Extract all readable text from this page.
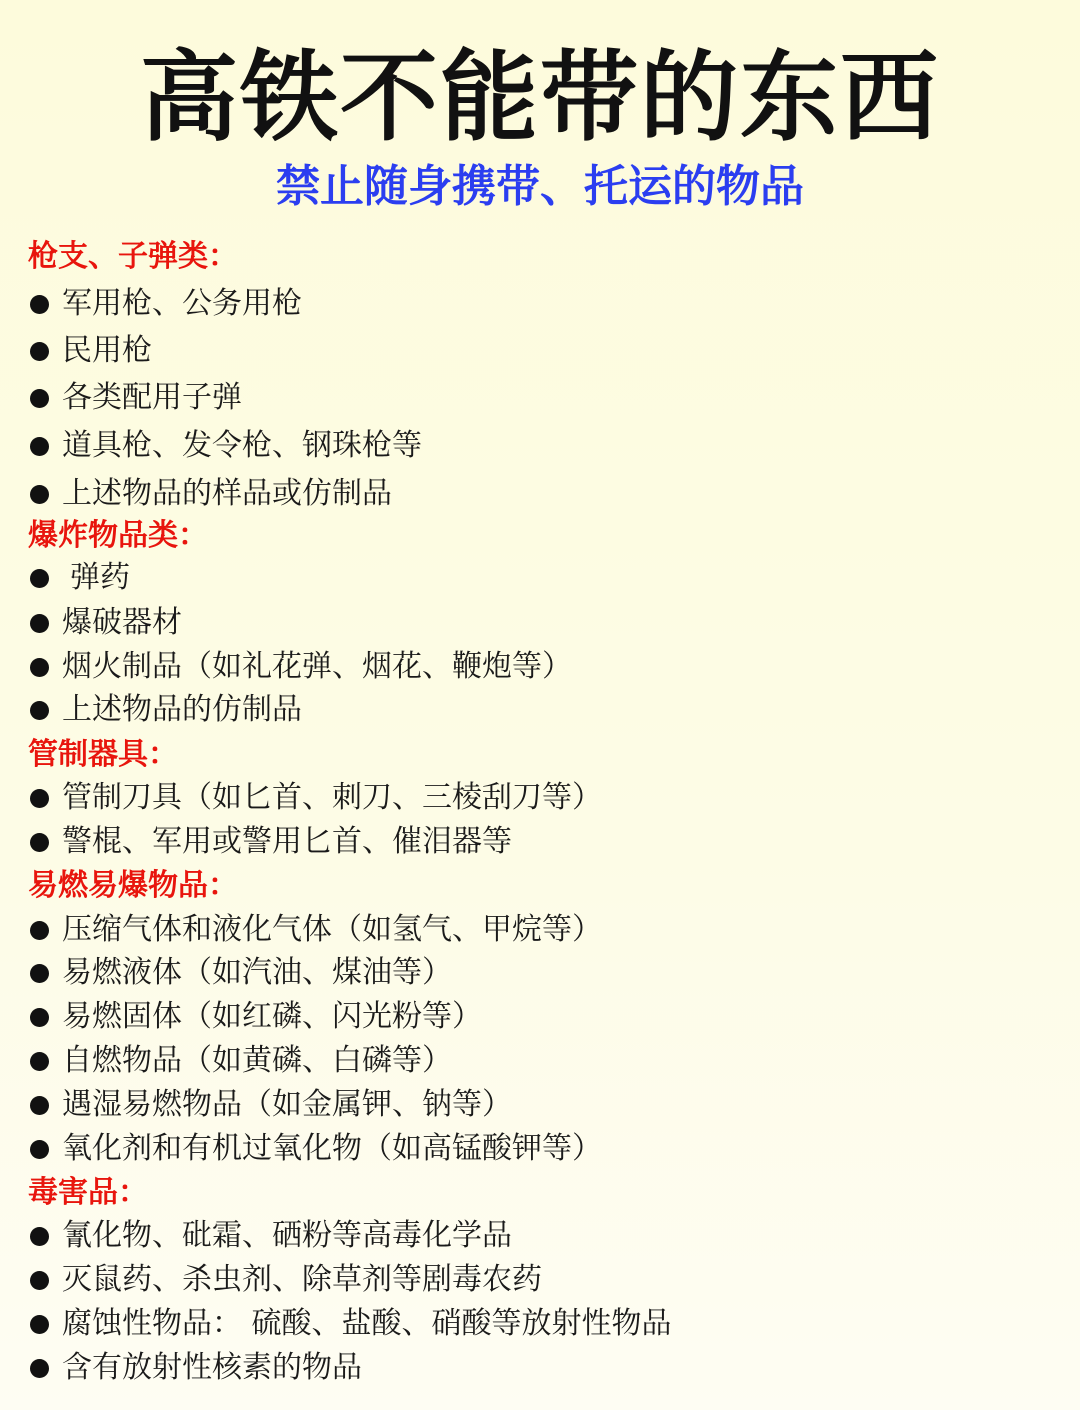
高铁不能带的东西
禁止随身携带、托运的物品
枪支、子弹类：
军用枪、公务用枪
民用枪
各类配用子弹
道具枪、发令枪、钢珠枪等
上述物品的样品或仿制品
爆炸物品类：
弹药
爆破器材
烟火制品（如礼花弹、烟花、鞭炮等）
上述物品的仿制品
管制器具：
管制刀具（如匕首、刺刀、三棱刮刀等）
警棍、军用或警用匕首、催泪器等
易燃易爆物品：
压缩气体和液化气体（如氢气、甲烷等）
易燃液体（如汽油、煤油等）
易燃固体（如红磷、闪光粉等）
自燃物品（如黄磷、白磷等）
遇湿易燃物品（如金属钾、钠等）
氧化剂和有机过氧化物（如高锰酸钾等）
毒害品：
氰化物、砒霜、硒粉等高毒化学品
灭鼠药、杀虫剂、除草剂等剧毒农药
腐蚀性物品： 硫酸、盐酸、硝酸等放射性物品
含有放射性核素的物品
